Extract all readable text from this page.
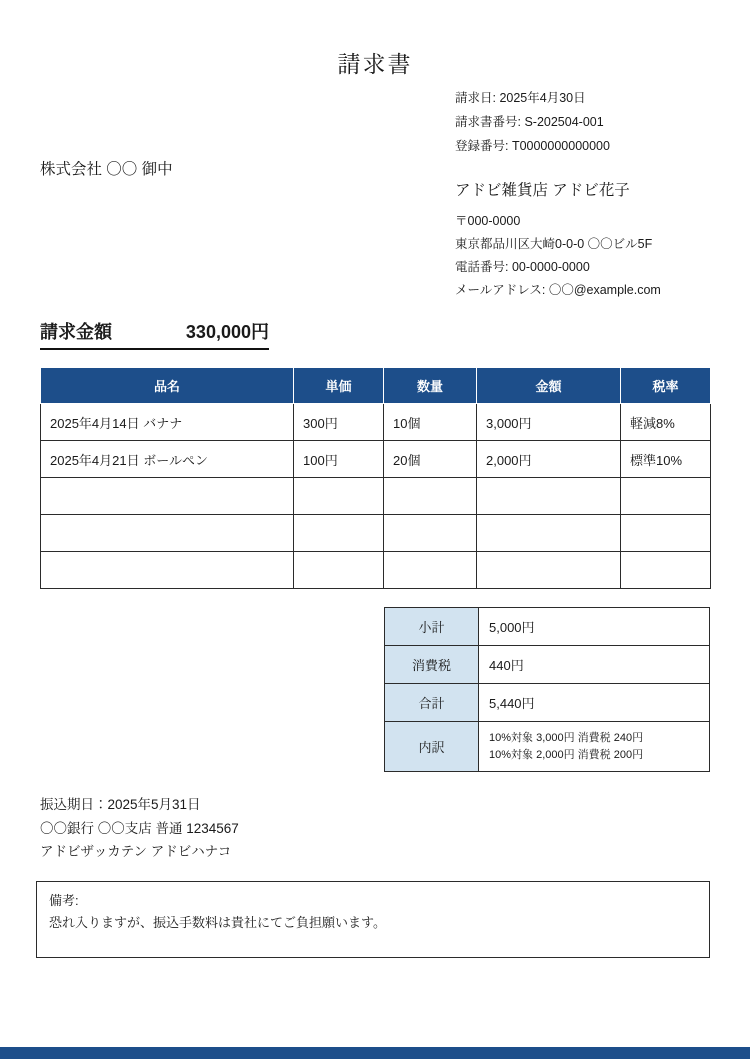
請求書
請求日: 2025年4月30日
請求書番号: S-202504-001
登録番号: T0000000000000
株式会社 〇〇 御中
アドビ雑貨店 アドビ花子
〒000-0000
東京都品川区大崎0-0-0 〇〇ビル5F
電話番号: 00-0000-0000
メールアドレス: 〇〇@example.com
請求金額	330,000円
品名	単価	数量	金額	税率
2025年4月14日 バナナ	300円	10個	3,000円	軽減8%
2025年4月21日 ボールペン	100円	20個	2,000円	標準10%

小計	5,000円
消費税	440円
合計	5,440円
内訳	10%対象 3,000円 消費税 240円
10%対象 2,000円 消費税 200円
振込期日：2025年5月31日
〇〇銀行 〇〇支店 普通 1234567
アドビザッカテン アドビハナコ
備考:
恐れ入りますが、振込手数料は貴社にてご負担願います。
